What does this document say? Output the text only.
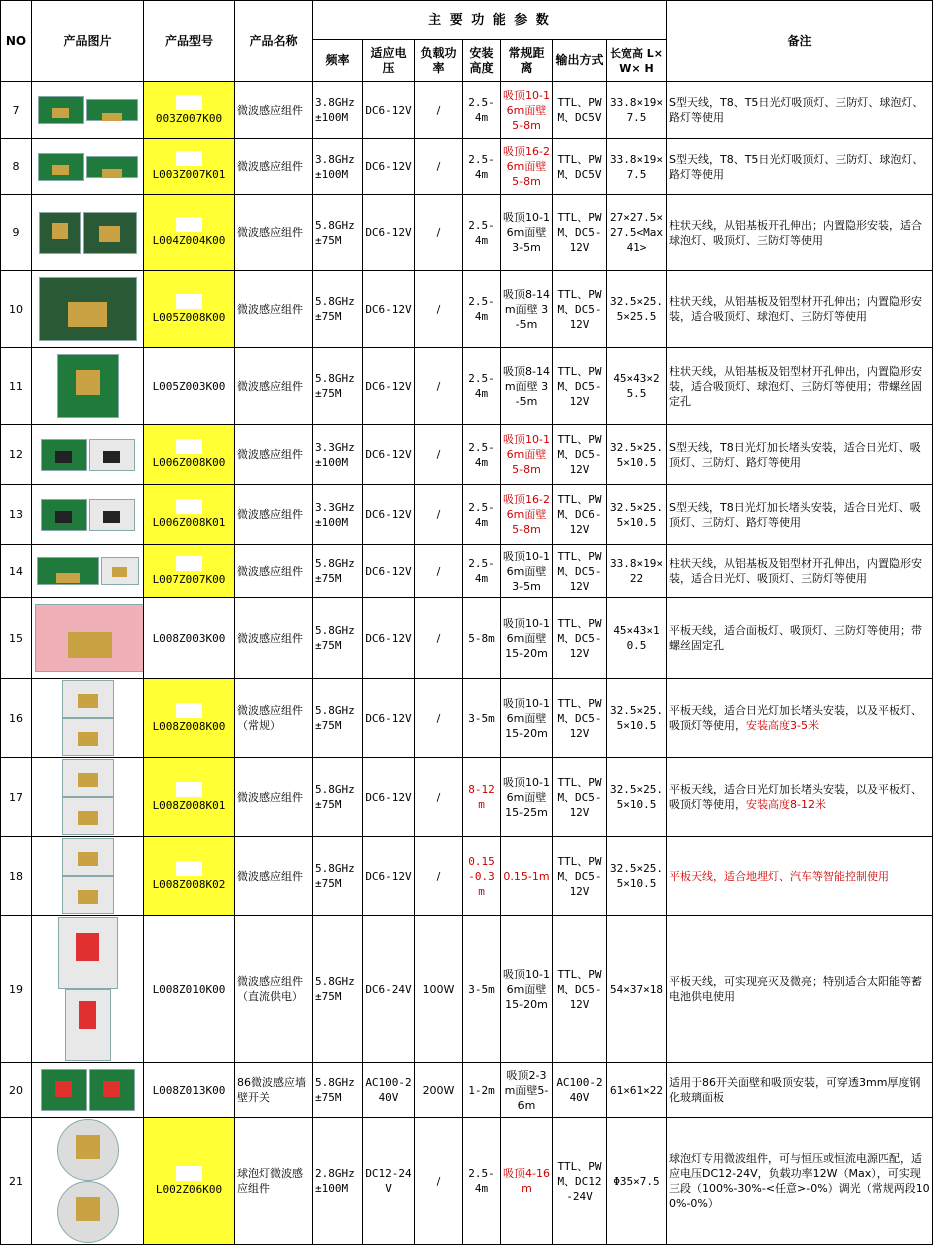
NO	产品图片	产品型号	产品名称	主 要 功 能 参 数							备注
				频率	适应电压	负载功率	安装高度	常规距离	输出方式	长宽高 L×W× H	
7		003Z007K00	微波感应组件	3.8GHz ±100M	DC6-12V	/	2.5-4m	吸顶10-16m面壁 5-8m	TTL、PWM、DC5V	33.8×19×7.5	S型天线，T8、T5日光灯吸顶灯、三防灯、球泡灯、路灯等使用
8		L003Z007K01	微波感应组件	3.8GHz ±100M	DC6-12V	/	2.5-4m	吸顶16-26m面壁 5-8m	TTL、PWM、DC5V	33.8×19×7.5	S型天线，T8、T5日光灯吸顶灯、三防灯、球泡灯、路灯等使用
9		L004Z004K00	微波感应组件	5.8GHz ±75M	DC6-12V	/	2.5-4m	吸顶10-16m面壁 3-5m	TTL、PWM、DC5-12V	27×27.5×27.5<Max41>	柱状天线，从铝基板开孔伸出；内置隐形安装，适合球泡灯、吸顶灯、三防灯等使用
10		L005Z008K00	微波感应组件	5.8GHz ±75M	DC6-12V	/	2.5-4m	吸顶8-14m面壁 3-5m	TTL、PWM、DC5-12V	32.5×25.5×25.5	柱状天线，从铝基板及铝型材开孔伸出；内置隐形安装，适合吸顶灯、球泡灯、三防灯等使用
11		L005Z003K00	微波感应组件	5.8GHz ±75M	DC6-12V	/	2.5-4m	吸顶8-14m面壁 3-5m	TTL、PWM、DC5-12V	45×43×25.5	柱状天线，从铝基板及铝型材开孔伸出，内置隐形安装，适合吸顶灯、球泡灯、三防灯等使用；带螺丝固定孔
12		L006Z008K00	微波感应组件	3.3GHz ±100M	DC6-12V	/	2.5-4m	吸顶10-16m面壁 5-8m	TTL、PWM、DC5-12V	32.5×25.5×10.5	S型天线，T8日光灯加长堵头安装，适合日光灯、吸顶灯、三防灯、路灯等使用
13		L006Z008K01	微波感应组件	3.3GHz ±100M	DC6-12V	/	2.5-4m	吸顶16-26m面壁 5-8m	TTL、PWM、DC6-12V	32.5×25.5×10.5	S型天线，T8日光灯加长堵头安装，适合日光灯、吸顶灯、三防灯、路灯等使用
14		L007Z007K00	微波感应组件	5.8GHz ±75M	DC6-12V	/	2.5-4m	吸顶10-16m面壁 3-5m	TTL、PWM、DC5-12V	33.8×19×22	柱状天线，从铝基板及铝型材开孔伸出，内置隐形安装，适合日光灯、吸顶灯、三防灯等使用
15		L008Z003K00	微波感应组件	5.8GHz ±75M	DC6-12V	/	5-8m	吸顶10-16m面壁 15-20m	TTL、PWM、DC5-12V	45×43×10.5	平板天线，适合面板灯、吸顶灯、三防灯等使用；带螺丝固定孔
16		L008Z008K00	微波感应组件（常规）	5.8GHz ±75M	DC6-12V	/	3-5m	吸顶10-16m面壁 15-20m	TTL、PWM、DC5-12V	32.5×25.5×10.5	平板天线，适合日光灯加长堵头安装，以及平板灯、吸顶灯等使用，安装高度3-5米
17		L008Z008K01	微波感应组件	5.8GHz ±75M	DC6-12V	/	8-12m	吸顶10-16m面壁 15-25m	TTL、PWM、DC5-12V	32.5×25.5×10.5	平板天线，适合日光灯加长堵头安装，以及平板灯、吸顶灯等使用，安装高度8-12米
18		L008Z008K02	微波感应组件	5.8GHz ±75M	DC6-12V	/	0.15-0.3m	0.15-1m	TTL、PWM、DC5-12V	32.5×25.5×10.5	平板天线，适合地埋灯、汽车等智能控制使用
19		L008Z010K00	微波感应组件（直流供电）	5.8GHz ±75M	DC6-24V	100W	3-5m	吸顶10-16m面壁 15-20m	TTL、PWM、DC5-12V	54×37×18	平板天线，可实现亮灭及微亮；特别适合太阳能等蓄电池供电使用
20		L008Z013K00	86微波感应墙壁开关	5.8GHz ±75M	AC100-240V	200W	1-2m	吸顶2-3m面壁5-6m	AC100-240V	61×61×22	适用于86开关面壁和吸顶安装，可穿透3mm厚度钢化玻璃面板
21		L002Z06K00	球泡灯微波感应组件	2.8GHz ±100M	DC12-24V	/	2.5-4m	吸顶4-16m	TTL、PWM、DC12-24V	Φ35×7.5	球泡灯专用微波组件，可与恒压或恒流电源匹配，适应电压DC12-24V，负载功率12W（Max），可实现三段（100%-30%-<任意>-0%）调光（常规两段100%-0%）
